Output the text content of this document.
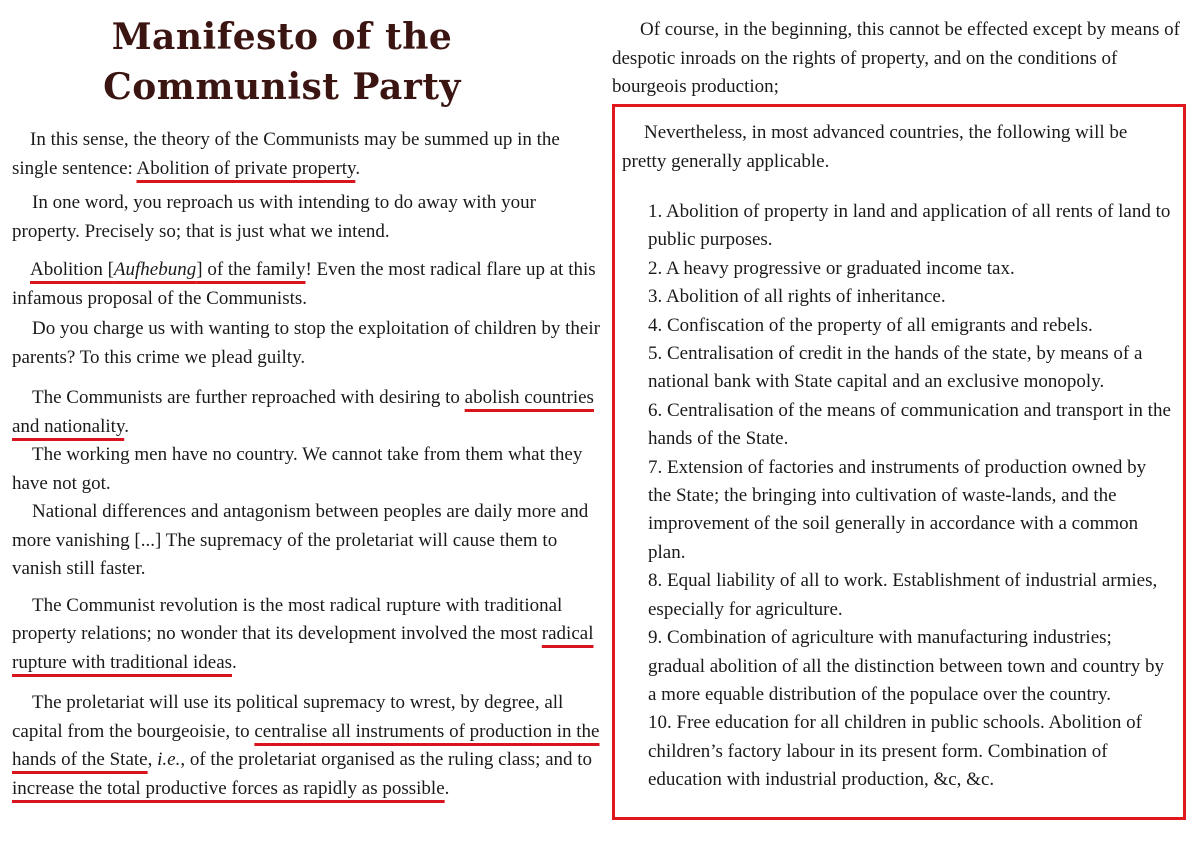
Manifesto of the Communist Party

In this sense, the theory of the Communists may be summed up in the single sentence: Abolition of private property.

In one word, you reproach us with intending to do away with your property. Precisely so; that is just what we intend.

Abolition [Aufhebung] of the family! Even the most radical flare up at this infamous proposal of the Communists.

Do you charge us with wanting to stop the exploitation of children by their parents? To this crime we plead guilty.

The Communists are further reproached with desiring to abolish countries and nationality.

The working men have no country. We cannot take from them what they have not got.

National differences and antagonism between peoples are daily more and more vanishing [...] The supremacy of the proletariat will cause them to vanish still faster.

The Communist revolution is the most radical rupture with traditional property relations; no wonder that its development involved the most radical rupture with traditional ideas.

The proletariat will use its political supremacy to wrest, by degree, all capital from the bourgeoisie, to centralise all instruments of production in the hands of the State, i.e., of the proletariat organised as the ruling class; and to increase the total productive forces as rapidly as possible.

Of course, in the beginning, this cannot be effected except by means of despotic inroads on the rights of property, and on the conditions of bourgeois production;

Nevertheless, in most advanced countries, the following will be pretty generally applicable.

1. Abolition of property in land and application of all rents of land to public purposes.
2. A heavy progressive or graduated income tax.
3. Abolition of all rights of inheritance.
4. Confiscation of the property of all emigrants and rebels.
5. Centralisation of credit in the hands of the state, by means of a national bank with State capital and an exclusive monopoly.
6. Centralisation of the means of communication and transport in the hands of the State.
7. Extension of factories and instruments of production owned by the State; the bringing into cultivation of waste-lands, and the improvement of the soil generally in accordance with a common plan.
8. Equal liability of all to work. Establishment of industrial armies, especially for agriculture.
9. Combination of agriculture with manufacturing industries; gradual abolition of all the distinction between town and country by a more equable distribution of the populace over the country.
10. Free education for all children in public schools. Abolition of children’s factory labour in its present form. Combination of education with industrial production, &c, &c.
